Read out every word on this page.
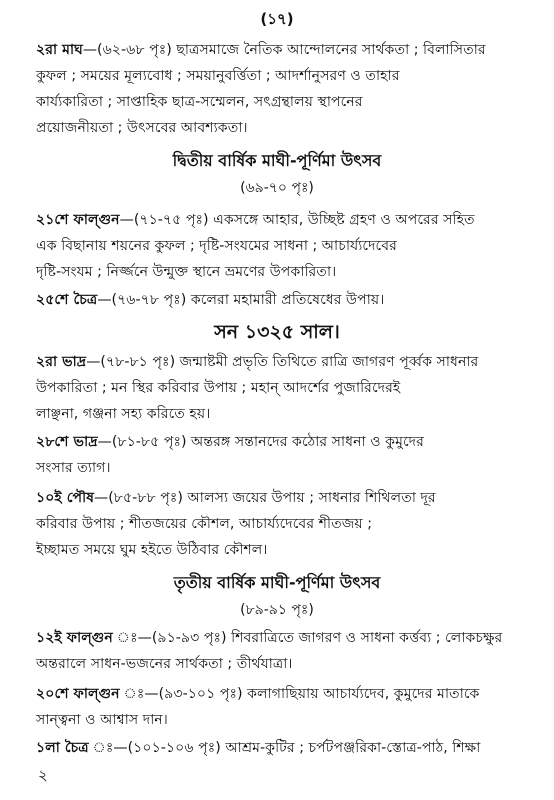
(১৭)
২রা মাঘ—(৬২-৬৮ পৃঃ) ছাত্রসমাজে নৈতিক আন্দোলনের সার্থকতা ; বিলাসিতার
কুফল ; সময়ের মূল্যবোধ ; সময়ানুবর্ত্তিতা ; আদর্শানুসরণ ও তাহার
কার্য্যকারিতা ; সাপ্তাহিক ছাত্র-সম্মেলন, সৎগ্রন্থালয় স্থাপনের
প্রয়োজনীয়তা ; উৎসবের আবশ্যকতা।
দ্বিতীয় বার্ষিক মাঘী-পূর্ণিমা উৎসব
(৬৯-৭০ পৃঃ)
২১শে ফাল্গুন—(৭১-৭৫ পৃঃ) একসঙ্গে আহার, উচ্ছিষ্ট গ্রহণ ও অপরের সহিত
এক বিছানায় শয়নের কুফল ; দৃষ্টি-সংযমের সাধনা ; আচার্য্যদেবের
দৃষ্টি-সংযম ; নির্জ্জনে উন্মুক্ত স্থানে ভ্রমণের উপকারিতা।
২৫শে চৈত্র—(৭৬-৭৮ পৃঃ) কলেরা মহামারী প্রতিষেধের উপায়।
সন ১৩২৫ সাল।
২রা ভাদ্র—(৭৮-৮১ পৃঃ) জন্মাষ্টমী প্রভৃতি তিথিতে রাত্রি জাগরণ পূর্ব্বক সাধনার
উপকারিতা ; মন স্থির করিবার উপায় ; মহান্ আদর্শের পুজারিদেরই
লাঞ্ছনা, গঞ্জনা সহ্য করিতে হয়।
২৮শে ভাদ্র—(৮১-৮৫ পৃঃ) অন্তরঙ্গ সন্তানদের কঠোর সাধনা ও কুমুদের
সংসার ত্যাগ।
১০ই পৌষ—(৮৫-৮৮ পৃঃ) আলস্য জয়ের উপায় ; সাধনার শিথিলতা দূর
করিবার উপায় ; শীতজয়ের কৌশল, আচার্য্যদেবের শীতজয় ;
ইচ্ছামত সময়ে ঘুম হইতে উঠিবার কৌশল।
তৃতীয় বার্ষিক মাঘী-পূর্ণিমা উৎসব
(৮৯-৯১ পৃঃ)
১২ই ফাল্গুন ঃ—(৯১-৯৩ পৃঃ) শিবরাত্রিতে জাগরণ ও সাধনা কর্ত্তব্য ; লোকচক্ষুর
অন্তরালে সাধন-ভজনের সার্থকতা ; তীর্থযাত্রা।
২০শে ফাল্গুন ঃ—(৯৩-১০১ পৃঃ) কলাগাছিয়ায় আচার্য্যদেব, কুমুদের মাতাকে
সান্ত্বনা ও আশ্বাস দান।
১লা চৈত্র ঃ—(১০১-১০৬ পৃঃ) আশ্রম-কুটির ; চর্পটপঞ্জরিকা-স্তোত্র-পাঠ, শিক্ষা
২
